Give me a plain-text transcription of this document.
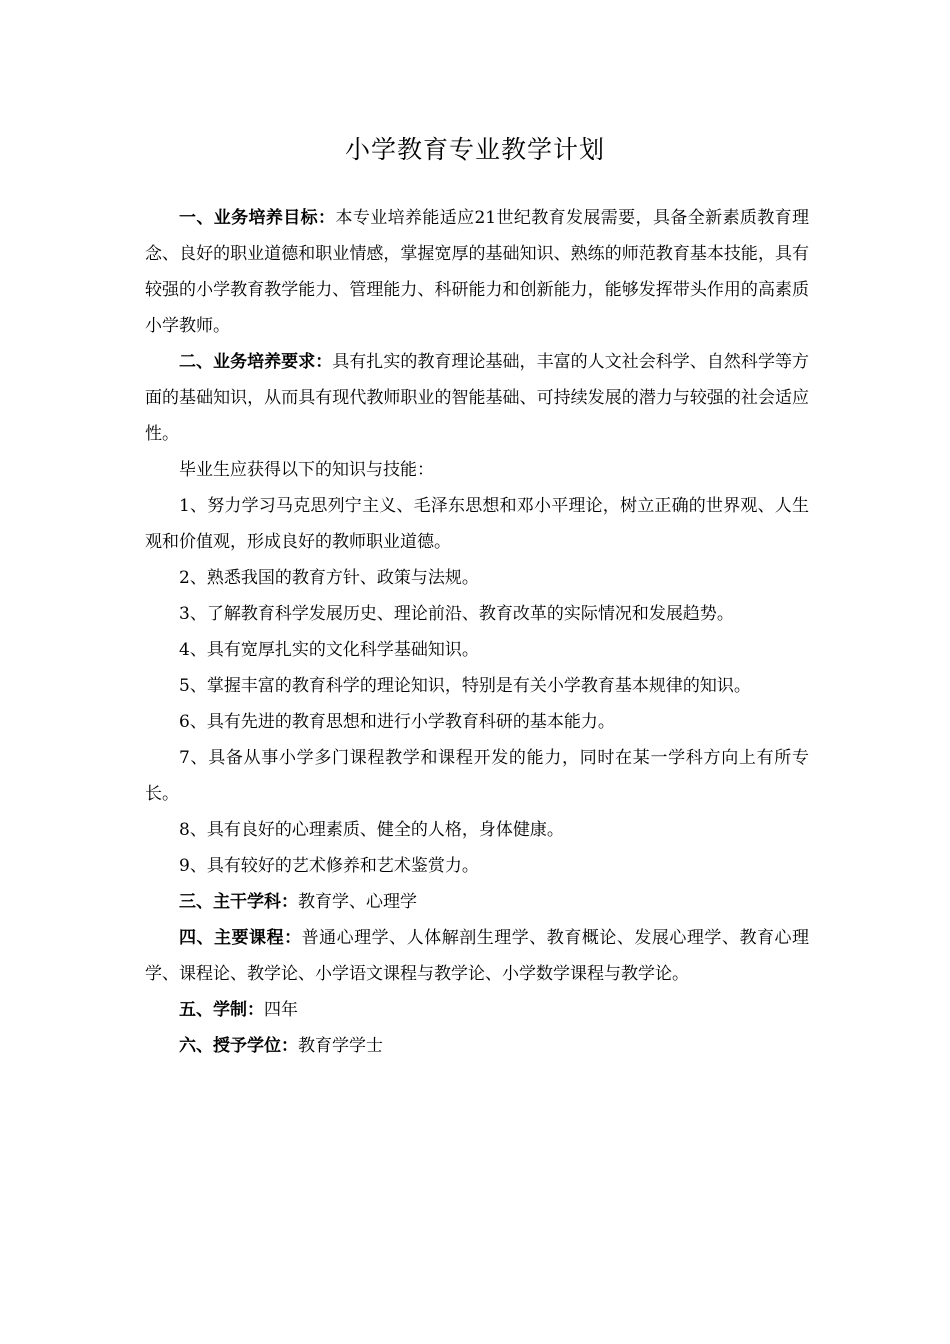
小学教育专业教学计划

一、业务培养目标：本专业培养能适应21世纪教育发展需要，具备全新素质教育理念、良好的职业道德和职业情感，掌握宽厚的基础知识、熟练的师范教育基本技能，具有较强的小学教育教学能力、管理能力、科研能力和创新能力，能够发挥带头作用的高素质小学教师。

二、业务培养要求：具有扎实的教育理论基础，丰富的人文社会科学、自然科学等方面的基础知识，从而具有现代教师职业的智能基础、可持续发展的潜力与较强的社会适应性。

毕业生应获得以下的知识与技能：

1、努力学习马克思列宁主义、毛泽东思想和邓小平理论，树立正确的世界观、人生观和价值观，形成良好的教师职业道德。

2、熟悉我国的教育方针、政策与法规。

3、了解教育科学发展历史、理论前沿、教育改革的实际情况和发展趋势。

4、具有宽厚扎实的文化科学基础知识。

5、掌握丰富的教育科学的理论知识，特别是有关小学教育基本规律的知识。

6、具有先进的教育思想和进行小学教育科研的基本能力。

7、具备从事小学多门课程教学和课程开发的能力，同时在某一学科方向上有所专长。

8、具有良好的心理素质、健全的人格，身体健康。

9、具有较好的艺术修养和艺术鉴赏力。

三、主干学科：教育学、心理学

四、主要课程：普通心理学、人体解剖生理学、教育概论、发展心理学、教育心理学、课程论、教学论、小学语文课程与教学论、小学数学课程与教学论。

五、学制：四年

六、授予学位：教育学学士
